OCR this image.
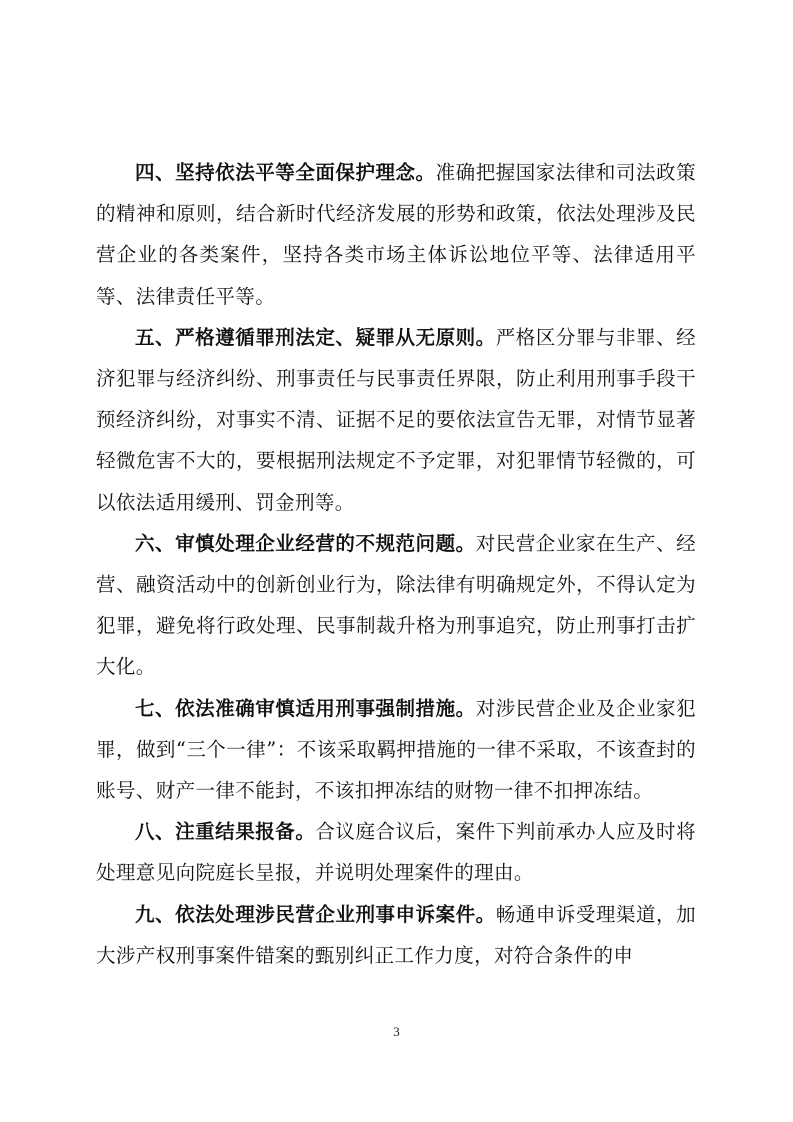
四、坚持依法平等全面保护理念。准确把握国家法律和司法政策的精神和原则，结合新时代经济发展的形势和政策，依法处理涉及民营企业的各类案件，坚持各类市场主体诉讼地位平等、法律适用平等、法律责任平等。

五、严格遵循罪刑法定、疑罪从无原则。严格区分罪与非罪、经济犯罪与经济纠纷、刑事责任与民事责任界限，防止利用刑事手段干预经济纠纷，对事实不清、证据不足的要依法宣告无罪，对情节显著轻微危害不大的，要根据刑法规定不予定罪，对犯罪情节轻微的，可以依法适用缓刑、罚金刑等。

六、审慎处理企业经营的不规范问题。对民营企业家在生产、经营、融资活动中的创新创业行为，除法律有明确规定外，不得认定为犯罪，避免将行政处理、民事制裁升格为刑事追究，防止刑事打击扩大化。

七、依法准确审慎适用刑事强制措施。对涉民营企业及企业家犯罪，做到“三个一律”：不该采取羁押措施的一律不采取，不该查封的账号、财产一律不能封，不该扣押冻结的财物一律不扣押冻结。

八、注重结果报备。合议庭合议后，案件下判前承办人应及时将处理意见向院庭长呈报，并说明处理案件的理由。

九、依法处理涉民营企业刑事申诉案件。畅通申诉受理渠道，加大涉产权刑事案件错案的甄别纠正工作力度，对符合条件的申

3
